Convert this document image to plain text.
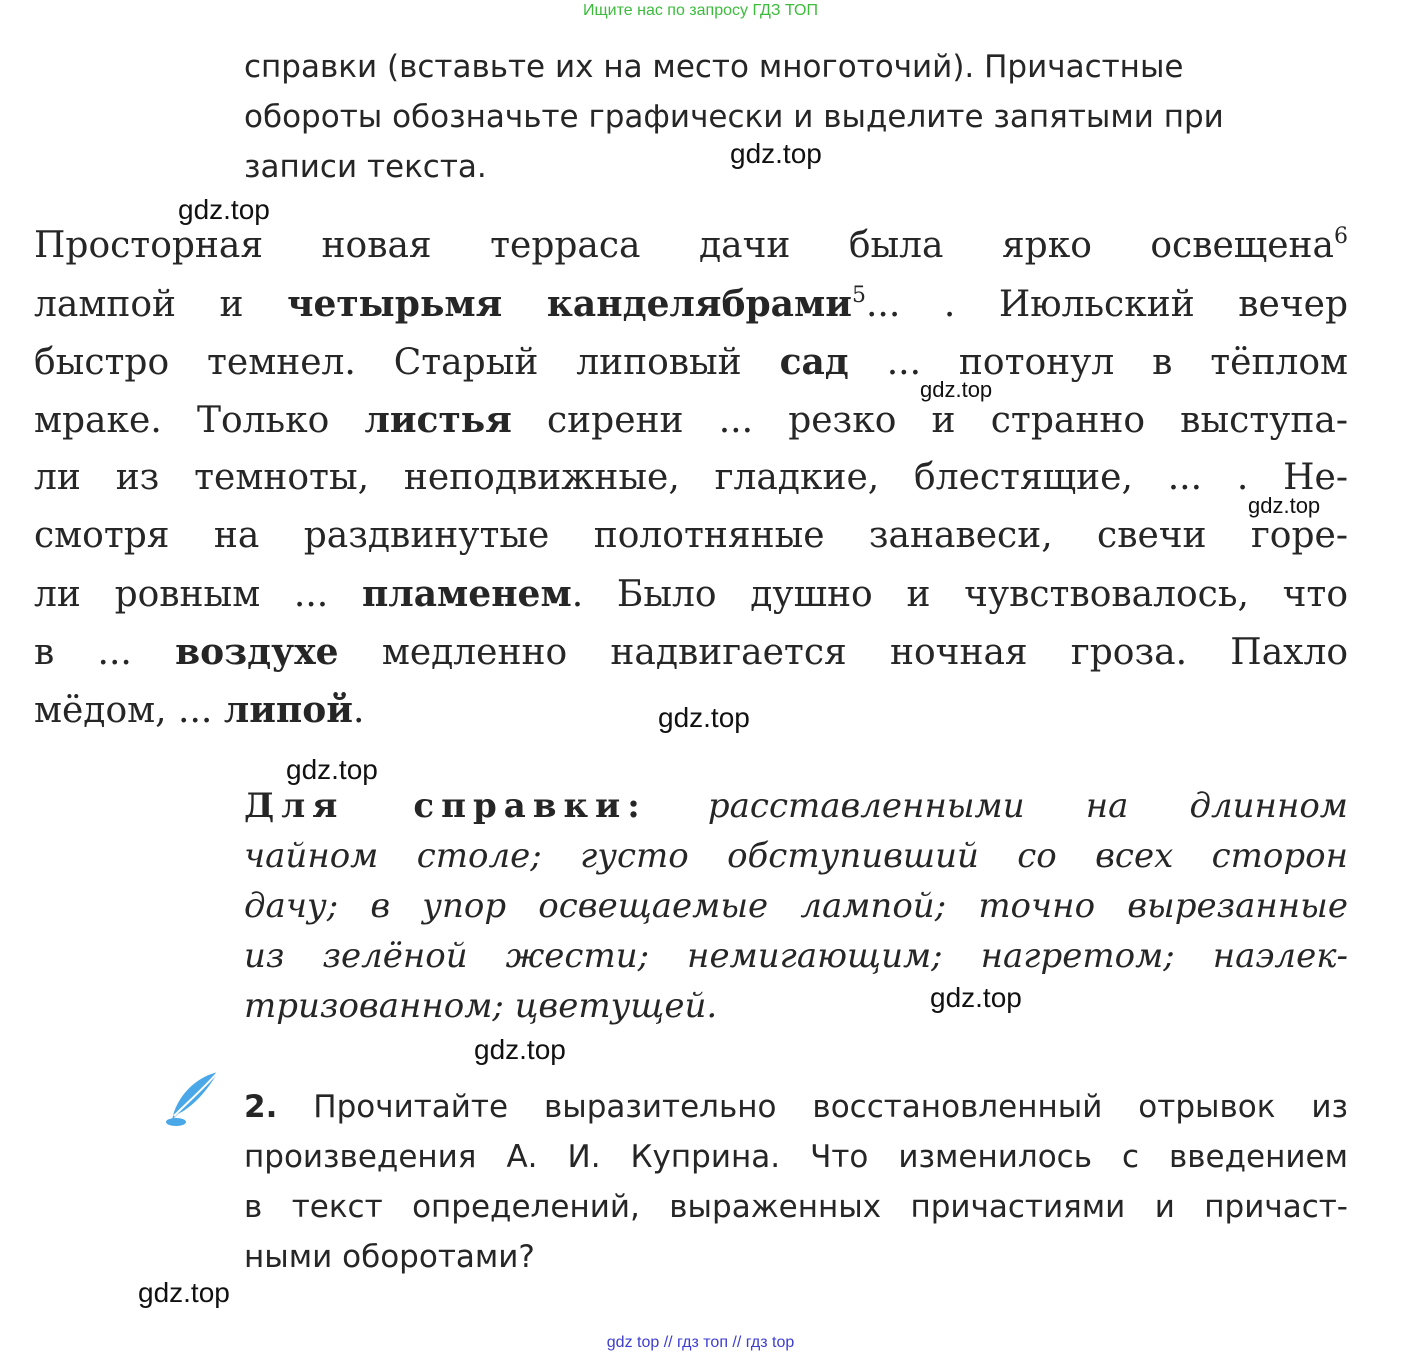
Ищите нас по запросу ГДЗ ТОП
справки (вставьте их на место многоточий). Причастные
обороты обозначьте графически и выделите запятыми при
записи текста.
Просторная новая терраса дачи была ярко освещена$^6$
лампой и четырьмя канделябрами$^5$... . Июльский вечер
быстро темнел. Старый липовый сад ... потонул в тёплом
мраке. Только листья сирени ... резко и странно выступа-
ли из темноты, неподвижные, гладкие, блестящие, ... . Не-
смотря на раздвинутые полотняные занавеси, свечи горе-
ли ровным ... пламенем. Было душно и чувствовалось, что
в ... воздухе медленно надвигается ночная гроза. Пахло
мёдом, ... липой.
Для справки: расставленными на длинном
чайном столе; густо обступивший со всех сторон
дачу; в упор освещаемые лампой; точно вырезанные
из зелёной жести; немигающим; нагретом; наэлек-
тризованном; цветущей.
2. Прочитайте выразительно восстановленный отрывок из
произведения А. И. Куприна. Что изменилось с введением
в текст определений, выраженных причастиями и причаст-
ными оборотами?
gdz.top
gdz.top
gdz.top
gdz.top
gdz.top
gdz.top
gdz.top
gdz.top
gdz.top
gdz top // гдз топ // гдз top
